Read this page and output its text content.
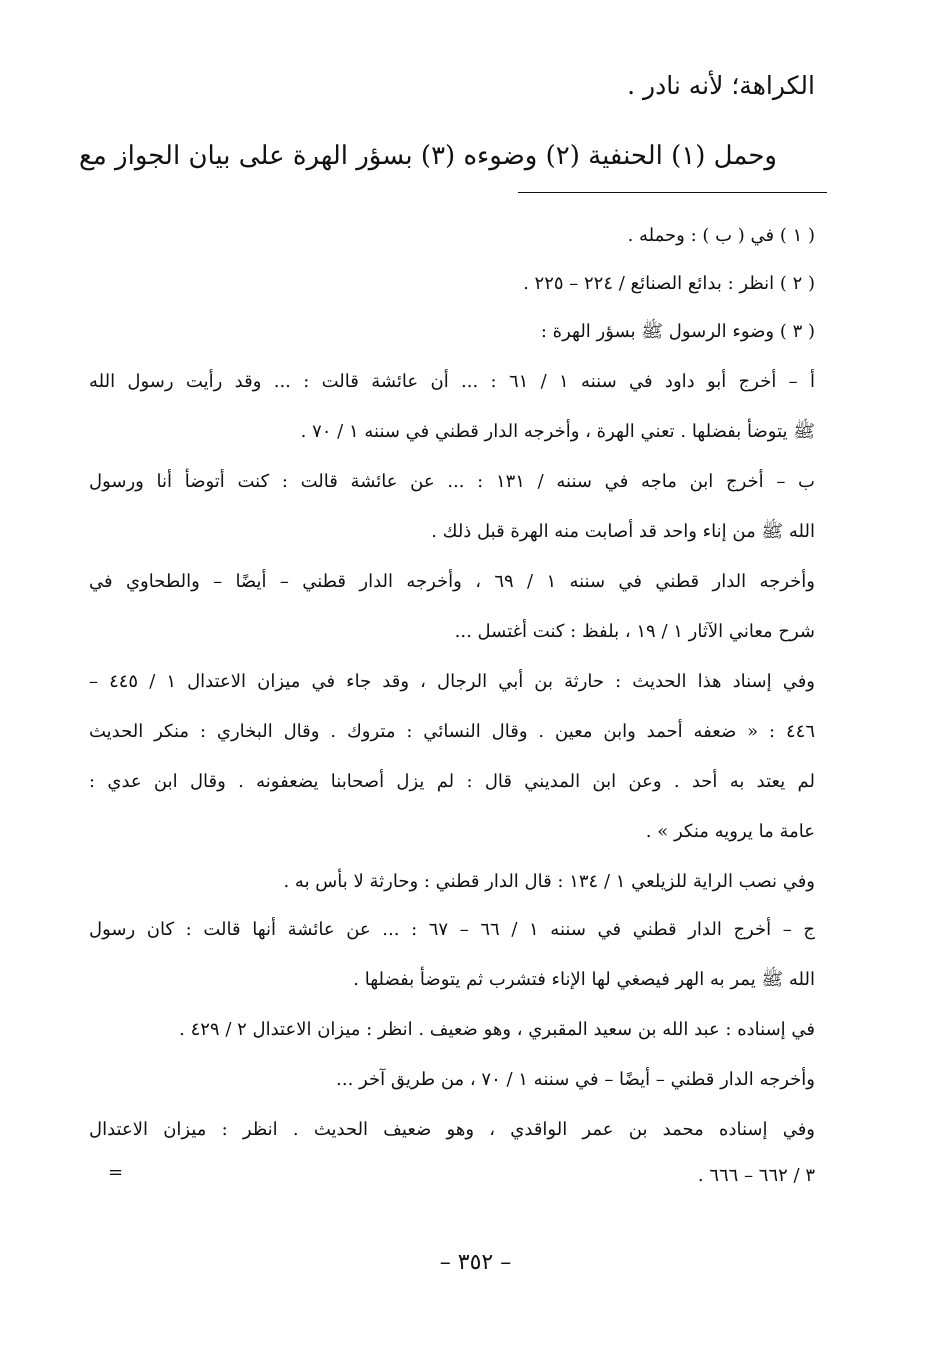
الكراهة؛ لأنه نادر .
وحمل (١) الحنفية (٢) وضوءه (٣) بسؤر الهرة على بيان الجواز مع
( ١ ) في ( ب ) : وحمله .
( ٢ ) انظر : بدائع الصنائع / ٢٢٤ – ٢٢٥ .
( ٣ ) وضوء الرسول ﷺ بسؤر الهرة :
أ – أخرج أبو داود في سننه ١ / ٦١ : ... أن عائشة قالت : ... وقد رأيت رسول الله
ﷺ يتوضأ بفضلها . تعني الهرة ، وأخرجه الدار قطني في سننه ١ / ٧٠ .
ب – أخرج ابن ماجه في سننه / ١٣١ : ... عن عائشة قالت : كنت أتوضأ أنا ورسول
الله ﷺ من إناء واحد قد أصابت منه الهرة قبل ذلك .
وأخرجه الدار قطني في سننه ١ / ٦٩ ، وأخرجه الدار قطني – أيضًا – والطحاوي في
شرح معاني الآثار ١ / ١٩ ، بلفظ : كنت أغتسل ...
وفي إسناد هذا الحديث : حارثة بن أبي الرجال ، وقد جاء في ميزان الاعتدال ١ / ٤٤٥ –
٤٤٦ : « ضعفه أحمد وابن معين . وقال النسائي : متروك . وقال البخاري : منكر الحديث
لم يعتد به أحد . وعن ابن المديني قال : لم يزل أصحابنا يضعفونه . وقال ابن عدي :
عامة ما يرويه منكر » .
وفي نصب الراية للزيلعي ١ / ١٣٤ : قال الدار قطني : وحارثة لا بأس به .
ج – أخرج الدار قطني في سننه ١ / ٦٦ – ٦٧ : ... عن عائشة أنها قالت : كان رسول
الله ﷺ يمر به الهر فيصغي لها الإناء فتشرب ثم يتوضأ بفضلها .
في إسناده : عبد الله بن سعيد المقبري ، وهو ضعيف . انظر : ميزان الاعتدال ٢ / ٤٢٩ .
وأخرجه الدار قطني – أيضًا – في سننه ١ / ٧٠ ، من طريق آخر ...
وفي إسناده محمد بن عمر الواقدي ، وهو ضعيف الحديث . انظر : ميزان الاعتدال
٣ / ٦٦٢ – ٦٦٦ .
=
– ٣٥٢ –
